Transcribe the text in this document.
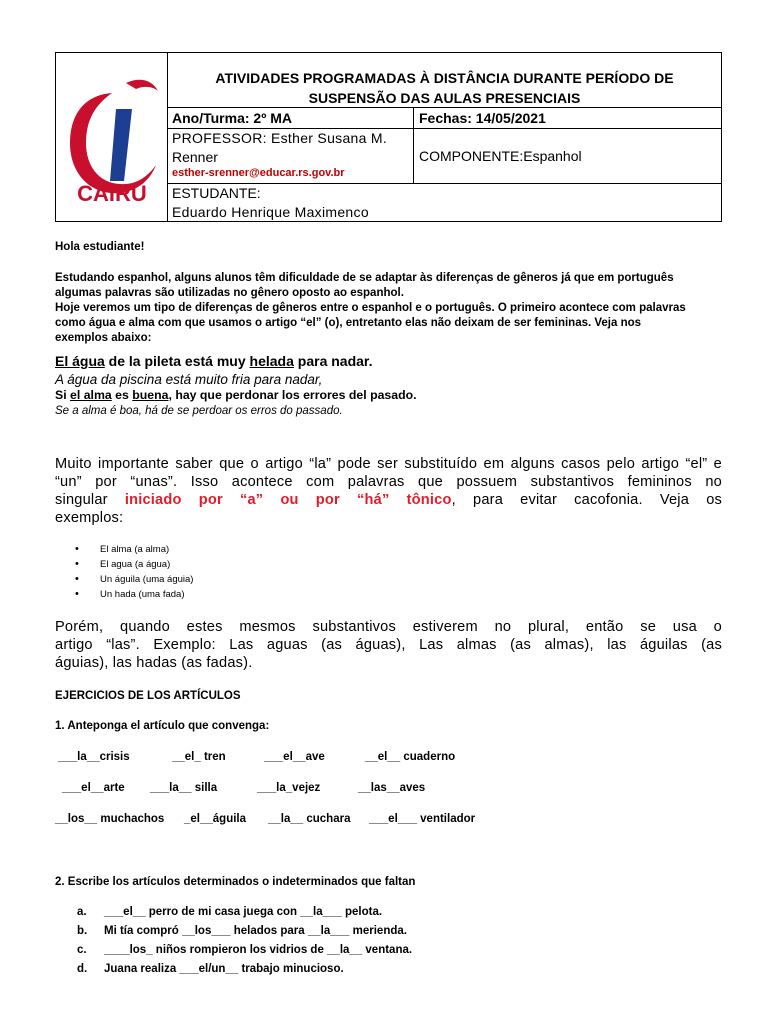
CAIRU
ATIVIDADES PROGRAMADAS À DISTÂNCIA DURANTE PERÍODO DE
SUSPENSÃO DAS AULAS PRESENCIAIS
Ano/Turma: 2º MA	Fechas: 14/05/2021
PROFESSOR: Esther Susana M.
Renner
esther-srenner@educar.rs.gov.br
COMPONENTE:Espanhol
ESTUDANTE:
Eduardo Henrique Maximenco
Hola estudiante!
Estudando espanhol, alguns alunos têm dificuldade de se adaptar às diferenças de gêneros já que em português
algumas palavras são utilizadas no gênero oposto ao espanhol.
Hoje veremos um tipo de diferenças de gêneros entre o espanhol e o português. O primeiro acontece com palavras
como água e alma com que usamos o artigo “el” (o), entretanto elas não deixam de ser femininas. Veja nos
exemplos abaixo:
El água de la pileta está muy helada para nadar.
A água da piscina está muito fria para nadar,
Si el alma es buena, hay que perdonar los errores del pasado.
Se a alma é boa, há de se perdoar os erros do passado.
Muito importante saber que o artigo “la” pode ser substituído em alguns casos pelo artigo “el” e
“un” por “unas”. Isso acontece com palavras que possuem substantivos femininos no
singular iniciado por “a” ou por “há” tônico, para evitar cacofonia. Veja os
exemplos:
• El alma (a alma)
• El agua (a água)
• Un águila (uma águia)
• Un hada (uma fada)
Porém, quando estes mesmos substantivos estiverem no plural, então se usa o
artigo “las”. Exemplo: Las aguas (as águas), Las almas (as almas), las águilas (as
águias), las hadas (as fadas).
EJERCICIOS DE LOS ARTÍCULOS
1. Anteponga el artículo que convenga:
___la__crisis	__el_ tren	___el__ave	__el__ cuaderno
___el__arte ___la__ silla	___la_vejez	__las__aves
__los__ muchachos _el__águila __la__ cuchara ___el___ ventilador
2. Escribe los artículos determinados o indeterminados que faltan
a. ___el__ perro de mi casa juega con __la___ pelota.
b. Mi tía compró __los___ helados para __la___ merienda.
c. ____los_ niños rompieron los vidrios de __la__ ventana.
d. Juana realiza ___el/un__ trabajo minucioso.
